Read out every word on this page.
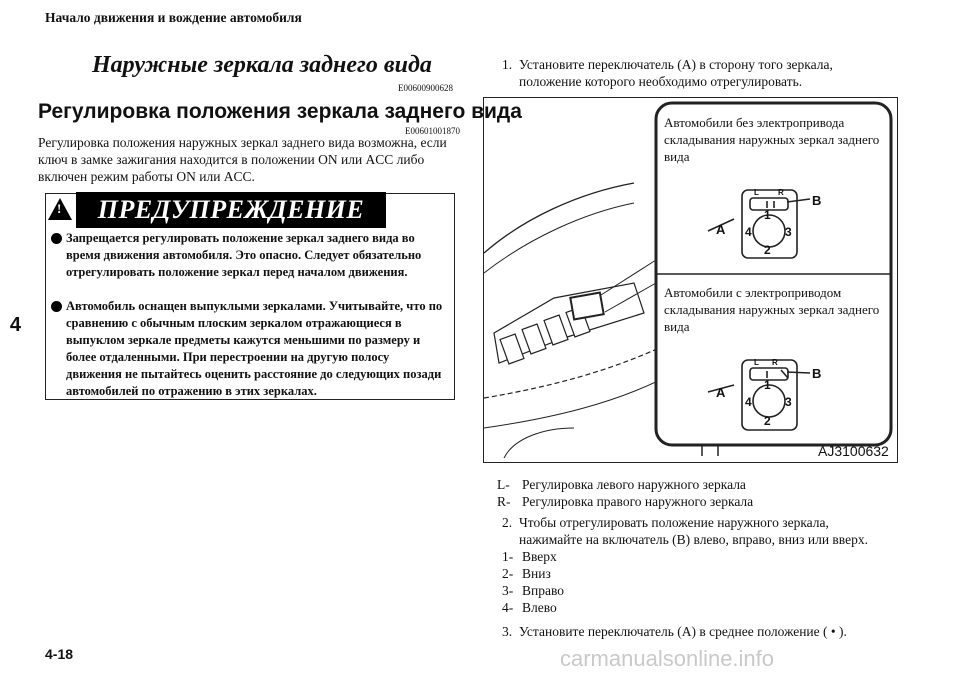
Начало движения и вождение автомобиля
Наружные зеркала заднего вида
E00600900628
Регулировка положения зеркала заднего вида
E00601001870
Регулировка положения наружных зеркал заднего вида возможна, если ключ в замке зажигания находится в положении ON или ACC либо включен режим работы ON или ACC.
4
! ПРЕДУПРЕЖДЕНИЕ
Запрещается регулировать положение зеркал заднего вида во время движения автомобиля. Это опасно. Следует обязательно отрегулировать положение зеркал перед началом движения.
Автомобиль оснащен выпуклыми зеркалами. Учитывайте, что по сравнению с обычным плоским зеркалом отражающиеся в выпуклом зеркале предметы кажутся меньшими по размеру и более отдаленными. При перестроении на другую полосу движения не пытайтесь оценить расстояние до следующих позади автомобилей по отражению в этих зеркалах.
1. Установите переключатель (A) в сторону того зеркала, положение которого необходимо отрегулировать.
Автомобили без электропривода складывания наружных зеркал заднего вида
Автомобили с электроприводом складывания наружных зеркал заднего вида
A
B
A
B
L R
1
4	3
2
L R
1
4	3
2
AJ3100632
L- Регулировка левого наружного зеркала
R- Регулировка правого наружного зеркала
2. Чтобы отрегулировать положение наружного зеркала, нажимайте на включатель (B) влево, вправо, вниз или вверх.
1- Вверх
2- Вниз
3- Вправо
4- Влево
3. Установите переключатель (A) в среднее положение ( • ).
4-18	carmanualsonline.info
